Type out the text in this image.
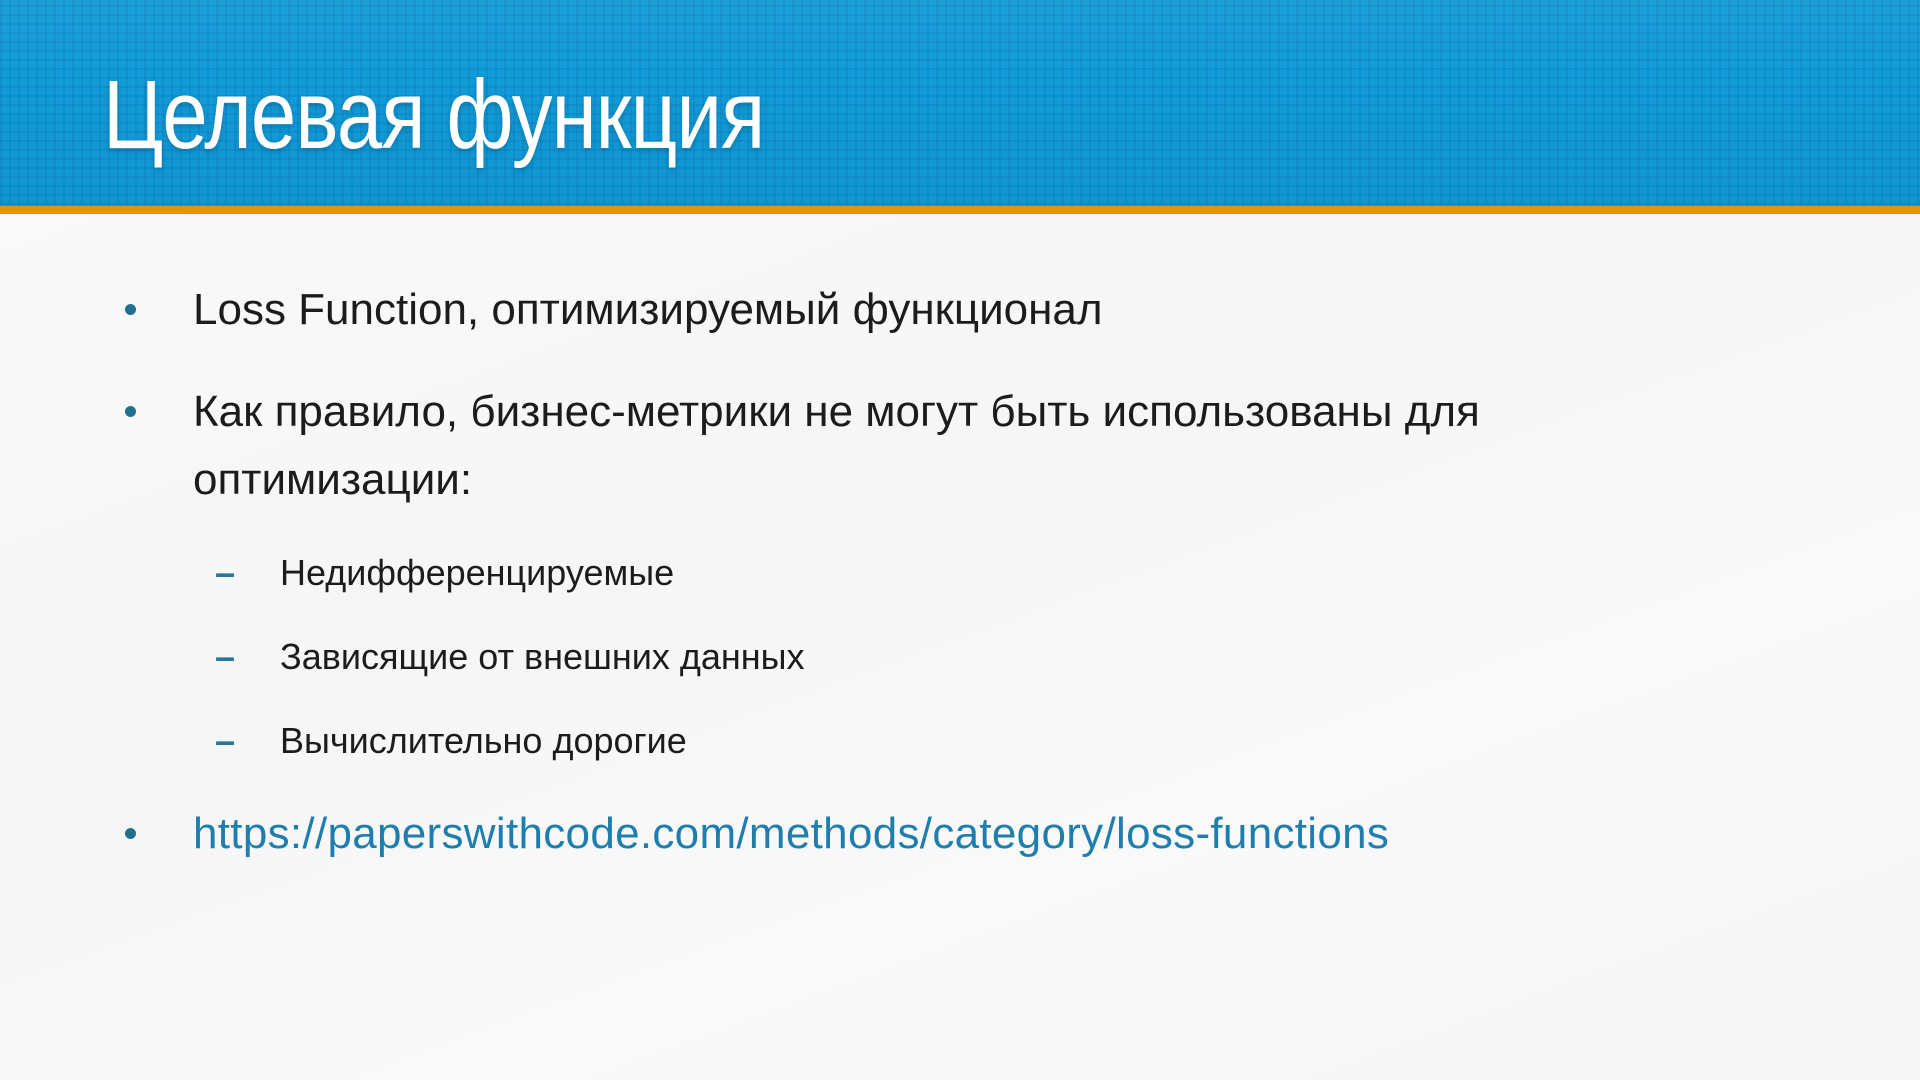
Целевая функция
Loss Function, оптимизируемый функционал
Как правило, бизнес-метрики не могут быть использованы для оптимизации:
–	Недифференцируемые
–	Зависящие от внешних данных
–	Вычислительно дорогие
https://paperswithcode.com/methods/category/loss-functions
